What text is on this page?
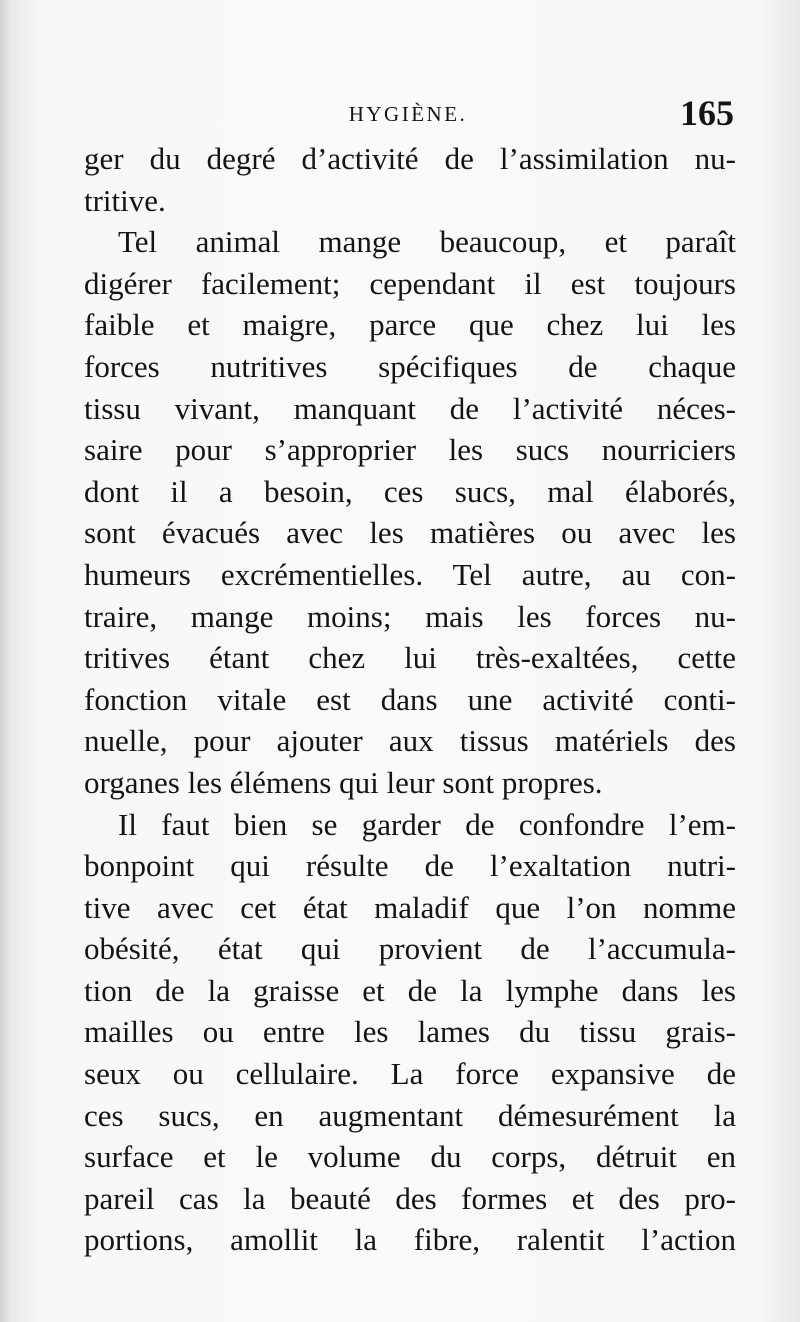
HYGIÈNE.	165
ger du degré d’activité de l’assimilation nu-
tritive.
Tel animal mange beaucoup, et paraît
digérer facilement; cependant il est toujours
faible et maigre, parce que chez lui les
forces nutritives spécifiques de chaque
tissu vivant, manquant de l’activité néces-
saire pour s’approprier les sucs nourriciers
dont il a besoin, ces sucs, mal élaborés,
sont évacués avec les matières ou avec les
humeurs excrémentielles. Tel autre, au con-
traire, mange moins; mais les forces nu-
tritives étant chez lui très-exaltées, cette
fonction vitale est dans une activité conti-
nuelle, pour ajouter aux tissus matériels des
organes les élémens qui leur sont propres.
Il faut bien se garder de confondre l’em-
bonpoint qui résulte de l’exaltation nutri-
tive avec cet état maladif que l’on nomme
obésité, état qui provient de l’accumula-
tion de la graisse et de la lymphe dans les
mailles ou entre les lames du tissu grais-
seux ou cellulaire. La force expansive de
ces sucs, en augmentant démesurément la
surface et le volume du corps, détruit en
pareil cas la beauté des formes et des pro-
portions, amollit la fibre, ralentit l’action
